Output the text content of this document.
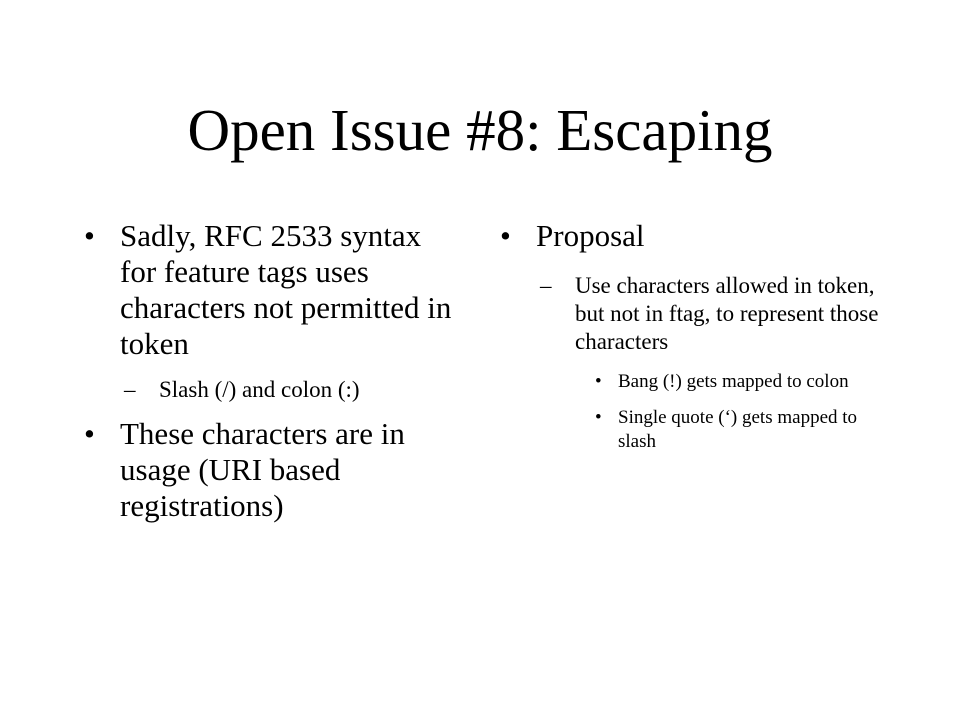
Open Issue #8: Escaping
• Sadly, RFC 2533 syntax for feature tags uses characters not permitted in token
– Slash (/) and colon (:)
• These characters are in usage (URI based registrations)
• Proposal
– Use characters allowed in token, but not in ftag, to represent those characters
• Bang (!) gets mapped to colon
• Single quote (‘) gets mapped to slash
